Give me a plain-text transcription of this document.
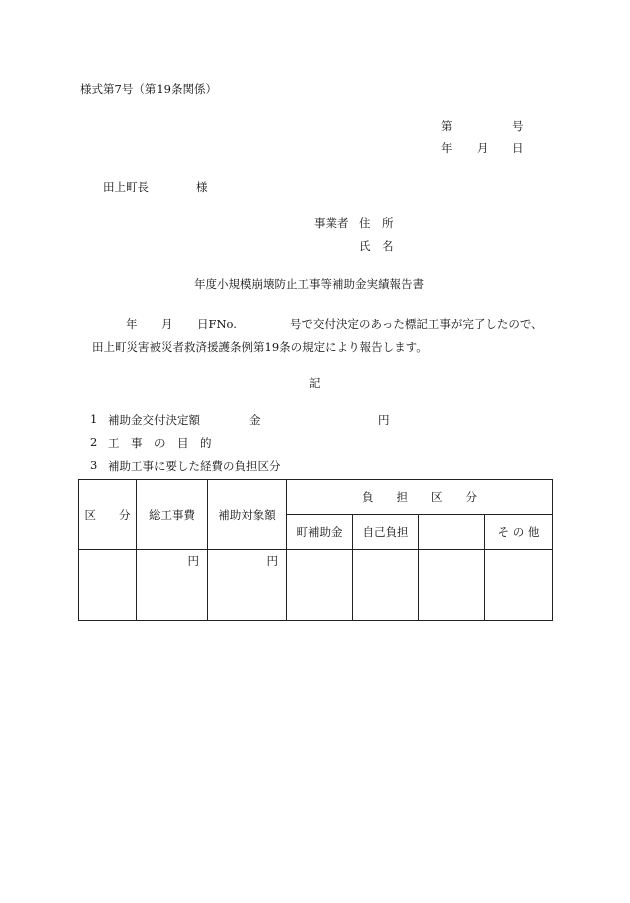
様式第7号（第19条関係）
第	号
年 月 日
田上町長	様
事業者 住　所
氏　名
年度小規模崩壊防止工事等補助金実績報告書
年 月 日FNo.	号で交付決定のあった標記工事が完了したので、
田上町災害被災者救済援護条例第19条の規定により報告します。
記
1 補助金交付決定額	金	円
2 工　事　の　目　的
3 補助工事に要した経費の負担区分
区　　分	総工事費	補助対象額	負　　担　　区　　分			
			町補助金	自己負担		そ の 他
	円	円				
